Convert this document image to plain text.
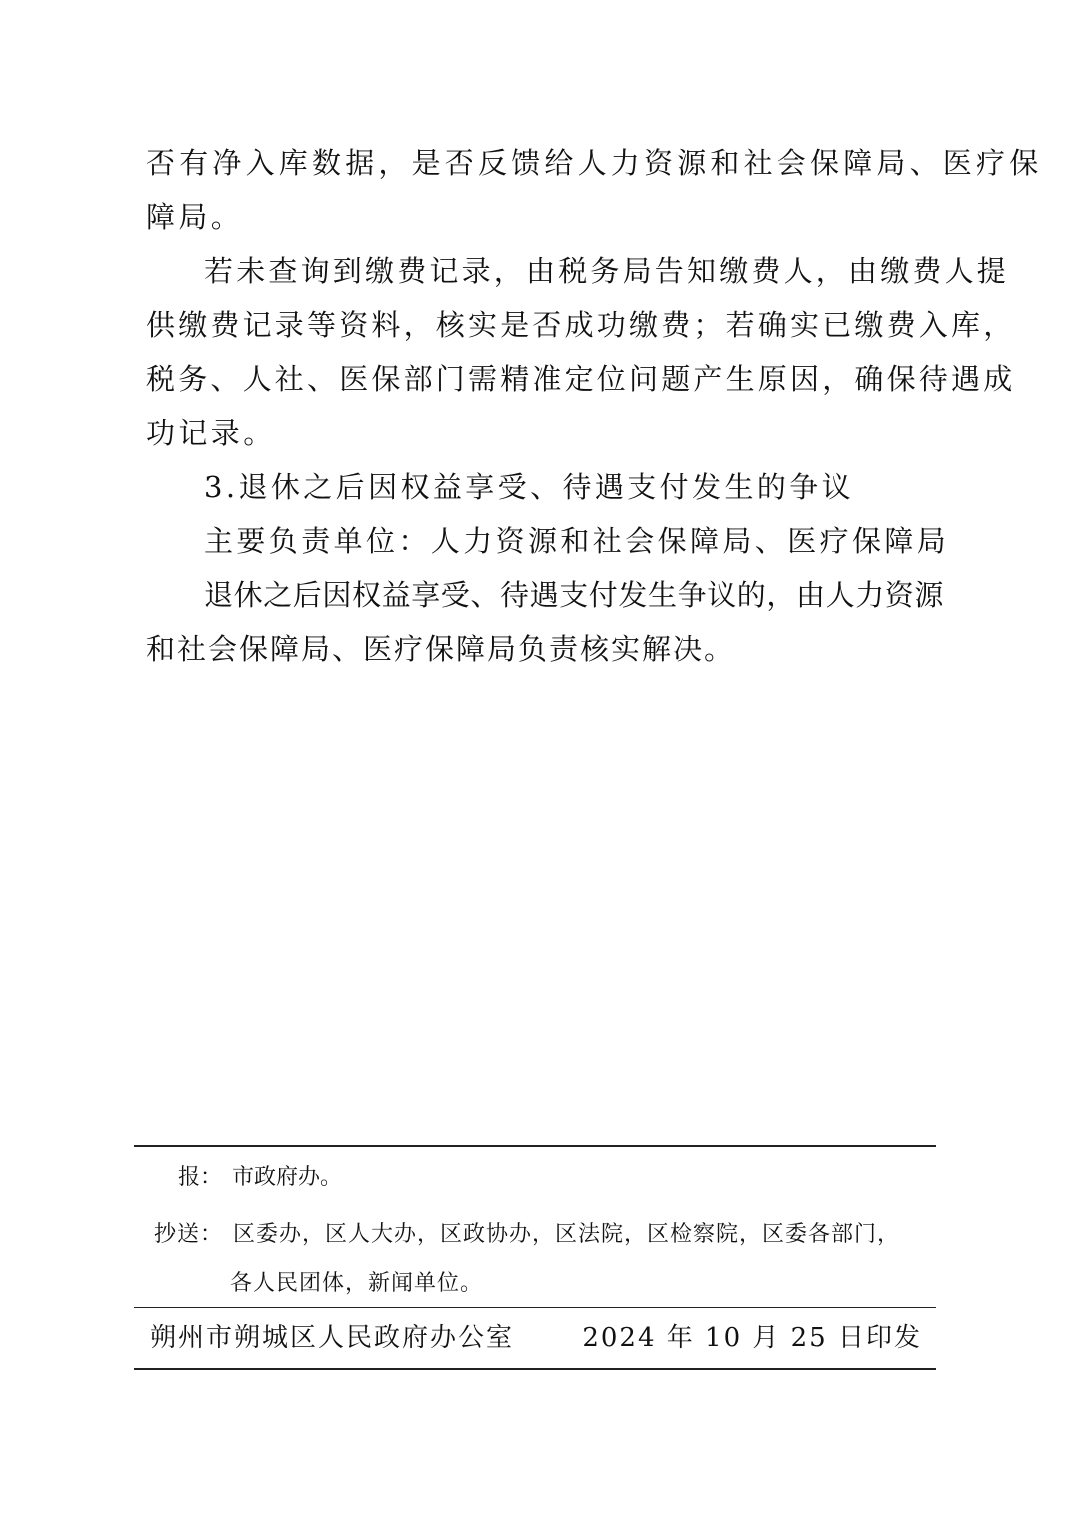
否有净入库数据，是否反馈给人力资源和社会保障局、医疗保
障局。
若未查询到缴费记录，由税务局告知缴费人，由缴费人提
供缴费记录等资料，核实是否成功缴费；若确实已缴费入库，
税务、人社、医保部门需精准定位问题产生原因，确保待遇成
功记录。
3.退休之后因权益享受、待遇支付发生的争议
主要负责单位：人力资源和社会保障局、医疗保障局
退休之后因权益享受、待遇支付发生争议的，由人力资源
和社会保障局、医疗保障局负责核实解决。
报： 市政府办。
抄送： 区委办，区人大办，区政协办，区法院，区检察院，区委各部门，
各人民团体，新闻单位。
朔州市朔城区人民政府办公室	2024 年 10 月 25 日印发
